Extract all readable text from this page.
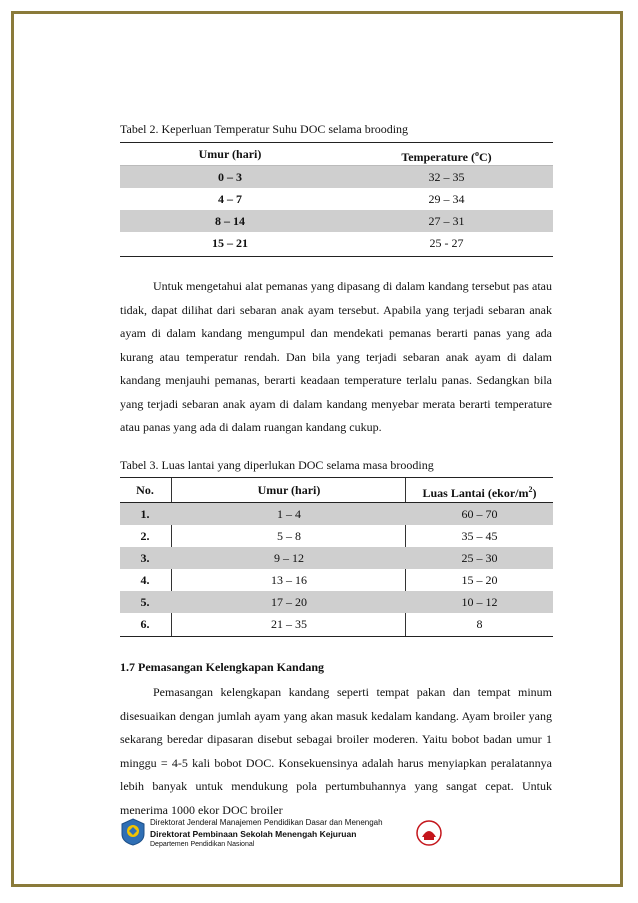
Tabel 2. Keperluan Temperatur Suhu DOC selama brooding
Umur (hari)	Temperature ($^o$C)
0 – 3	32 – 35
4 – 7	29 – 34
8 – 14	27 – 31
15 – 21	25 - 27

Untuk mengetahui alat pemanas yang dipasang di dalam kandang tersebut pas atau tidak, dapat dilihat dari sebaran anak ayam tersebut. Apabila yang terjadi sebaran anak ayam di dalam kandang mengumpul dan mendekati pemanas berarti panas yang ada kurang atau temperatur rendah. Dan bila yang terjadi sebaran anak ayam di dalam kandang menjauhi pemanas, berarti keadaan temperature terlalu panas. Sedangkan bila yang terjadi sebaran anak ayam di dalam kandang menyebar merata berarti temperature atau panas yang ada di dalam ruangan kandang cukup.

Tabel 3. Luas lantai yang diperlukan DOC selama masa brooding
No.	Umur (hari)	Luas Lantai $(ekor/m^2)$
1.	1 – 4	60 – 70
2.	5 – 8	35 – 45
3.	9 – 12	25 – 30
4.	13 – 16	15 – 20
5.	17 – 20	10 – 12
6.	21 – 35	8
1.7 Pemasangan Kelengkapan Kandang

Pemasangan kelengkapan kandang seperti tempat pakan dan tempat minum disesuaikan dengan jumlah ayam yang akan masuk kedalam kandang. Ayam broiler yang sekarang beredar dipasaran disebut sebagai broiler moderen. Yaitu bobot badan umur 1 minggu = 4-5 kali bobot DOC. Konsekuensinya adalah harus menyiapkan peralatannya lebih banyak untuk mendukung pola pertumbuhannya yang sangat cepat. Untuk menerima 1000 ekor DOC broiler

Direktorat Jenderal Manajemen Pendidikan Dasar dan Menengah
Direktorat Pembinaan Sekolah Menengah Kejuruan
Departemen Pendidikan Nasional
